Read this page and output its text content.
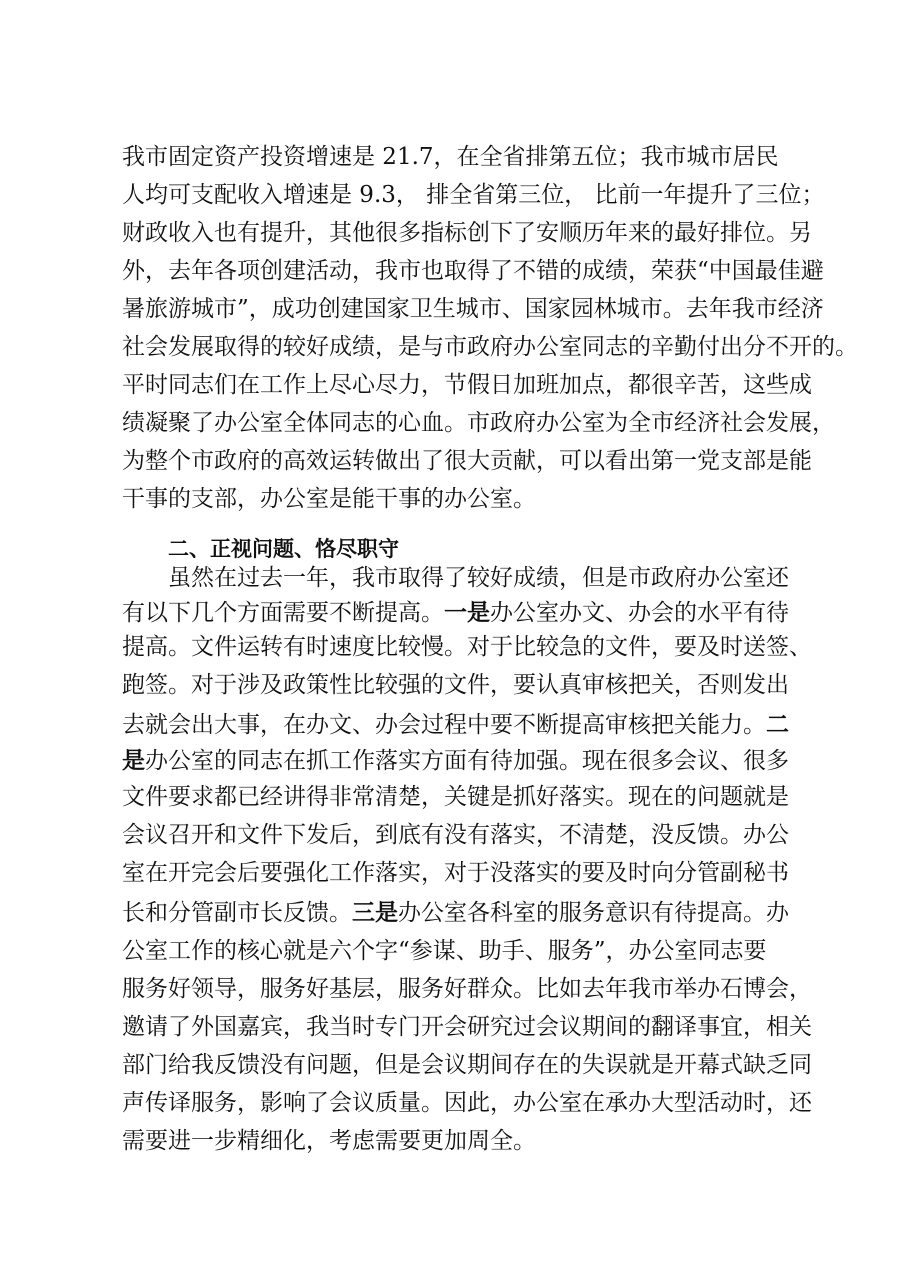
我市固定资产投资增速是 21.7，在全省排第五位；我市城市居民
人均可支配收入增速是 9.3， 排全省第三位， 比前一年提升了三位；
财政收入也有提升，其他很多指标创下了安顺历年来的最好排位。另
外，去年各项创建活动，我市也取得了不错的成绩，荣获“中国最佳避
暑旅游城市”，成功创建国家卫生城市、国家园林城市。去年我市经济
社会发展取得的较好成绩，是与市政府办公室同志的辛勤付出分不开的。
平时同志们在工作上尽心尽力，节假日加班加点，都很辛苦，这些成
绩凝聚了办公室全体同志的心血。市政府办公室为全市经济社会发展，
为整个市政府的高效运转做出了很大贡献，可以看出第一党支部是能
干事的支部，办公室是能干事的办公室。
二、正视问题、恪尽职守
虽然在过去一年，我市取得了较好成绩，但是市政府办公室还
有以下几个方面需要不断提高。一是办公室办文、办会的水平有待
提高。文件运转有时速度比较慢。对于比较急的文件，要及时送签、
跑签。对于涉及政策性比较强的文件，要认真审核把关，否则发出
去就会出大事，在办文、办会过程中要不断提高审核把关能力。二
是办公室的同志在抓工作落实方面有待加强。现在很多会议、很多
文件要求都已经讲得非常清楚，关键是抓好落实。现在的问题就是
会议召开和文件下发后，到底有没有落实，不清楚，没反馈。办公
室在开完会后要强化工作落实，对于没落实的要及时向分管副秘书
长和分管副市长反馈。三是办公室各科室的服务意识有待提高。办
公室工作的核心就是六个字“参谋、助手、服务”，办公室同志要
服务好领导，服务好基层，服务好群众。比如去年我市举办石博会，
邀请了外国嘉宾，我当时专门开会研究过会议期间的翻译事宜，相关
部门给我反馈没有问题，但是会议期间存在的失误就是开幕式缺乏同
声传译服务，影响了会议质量。因此，办公室在承办大型活动时，还
需要进一步精细化，考虑需要更加周全。
